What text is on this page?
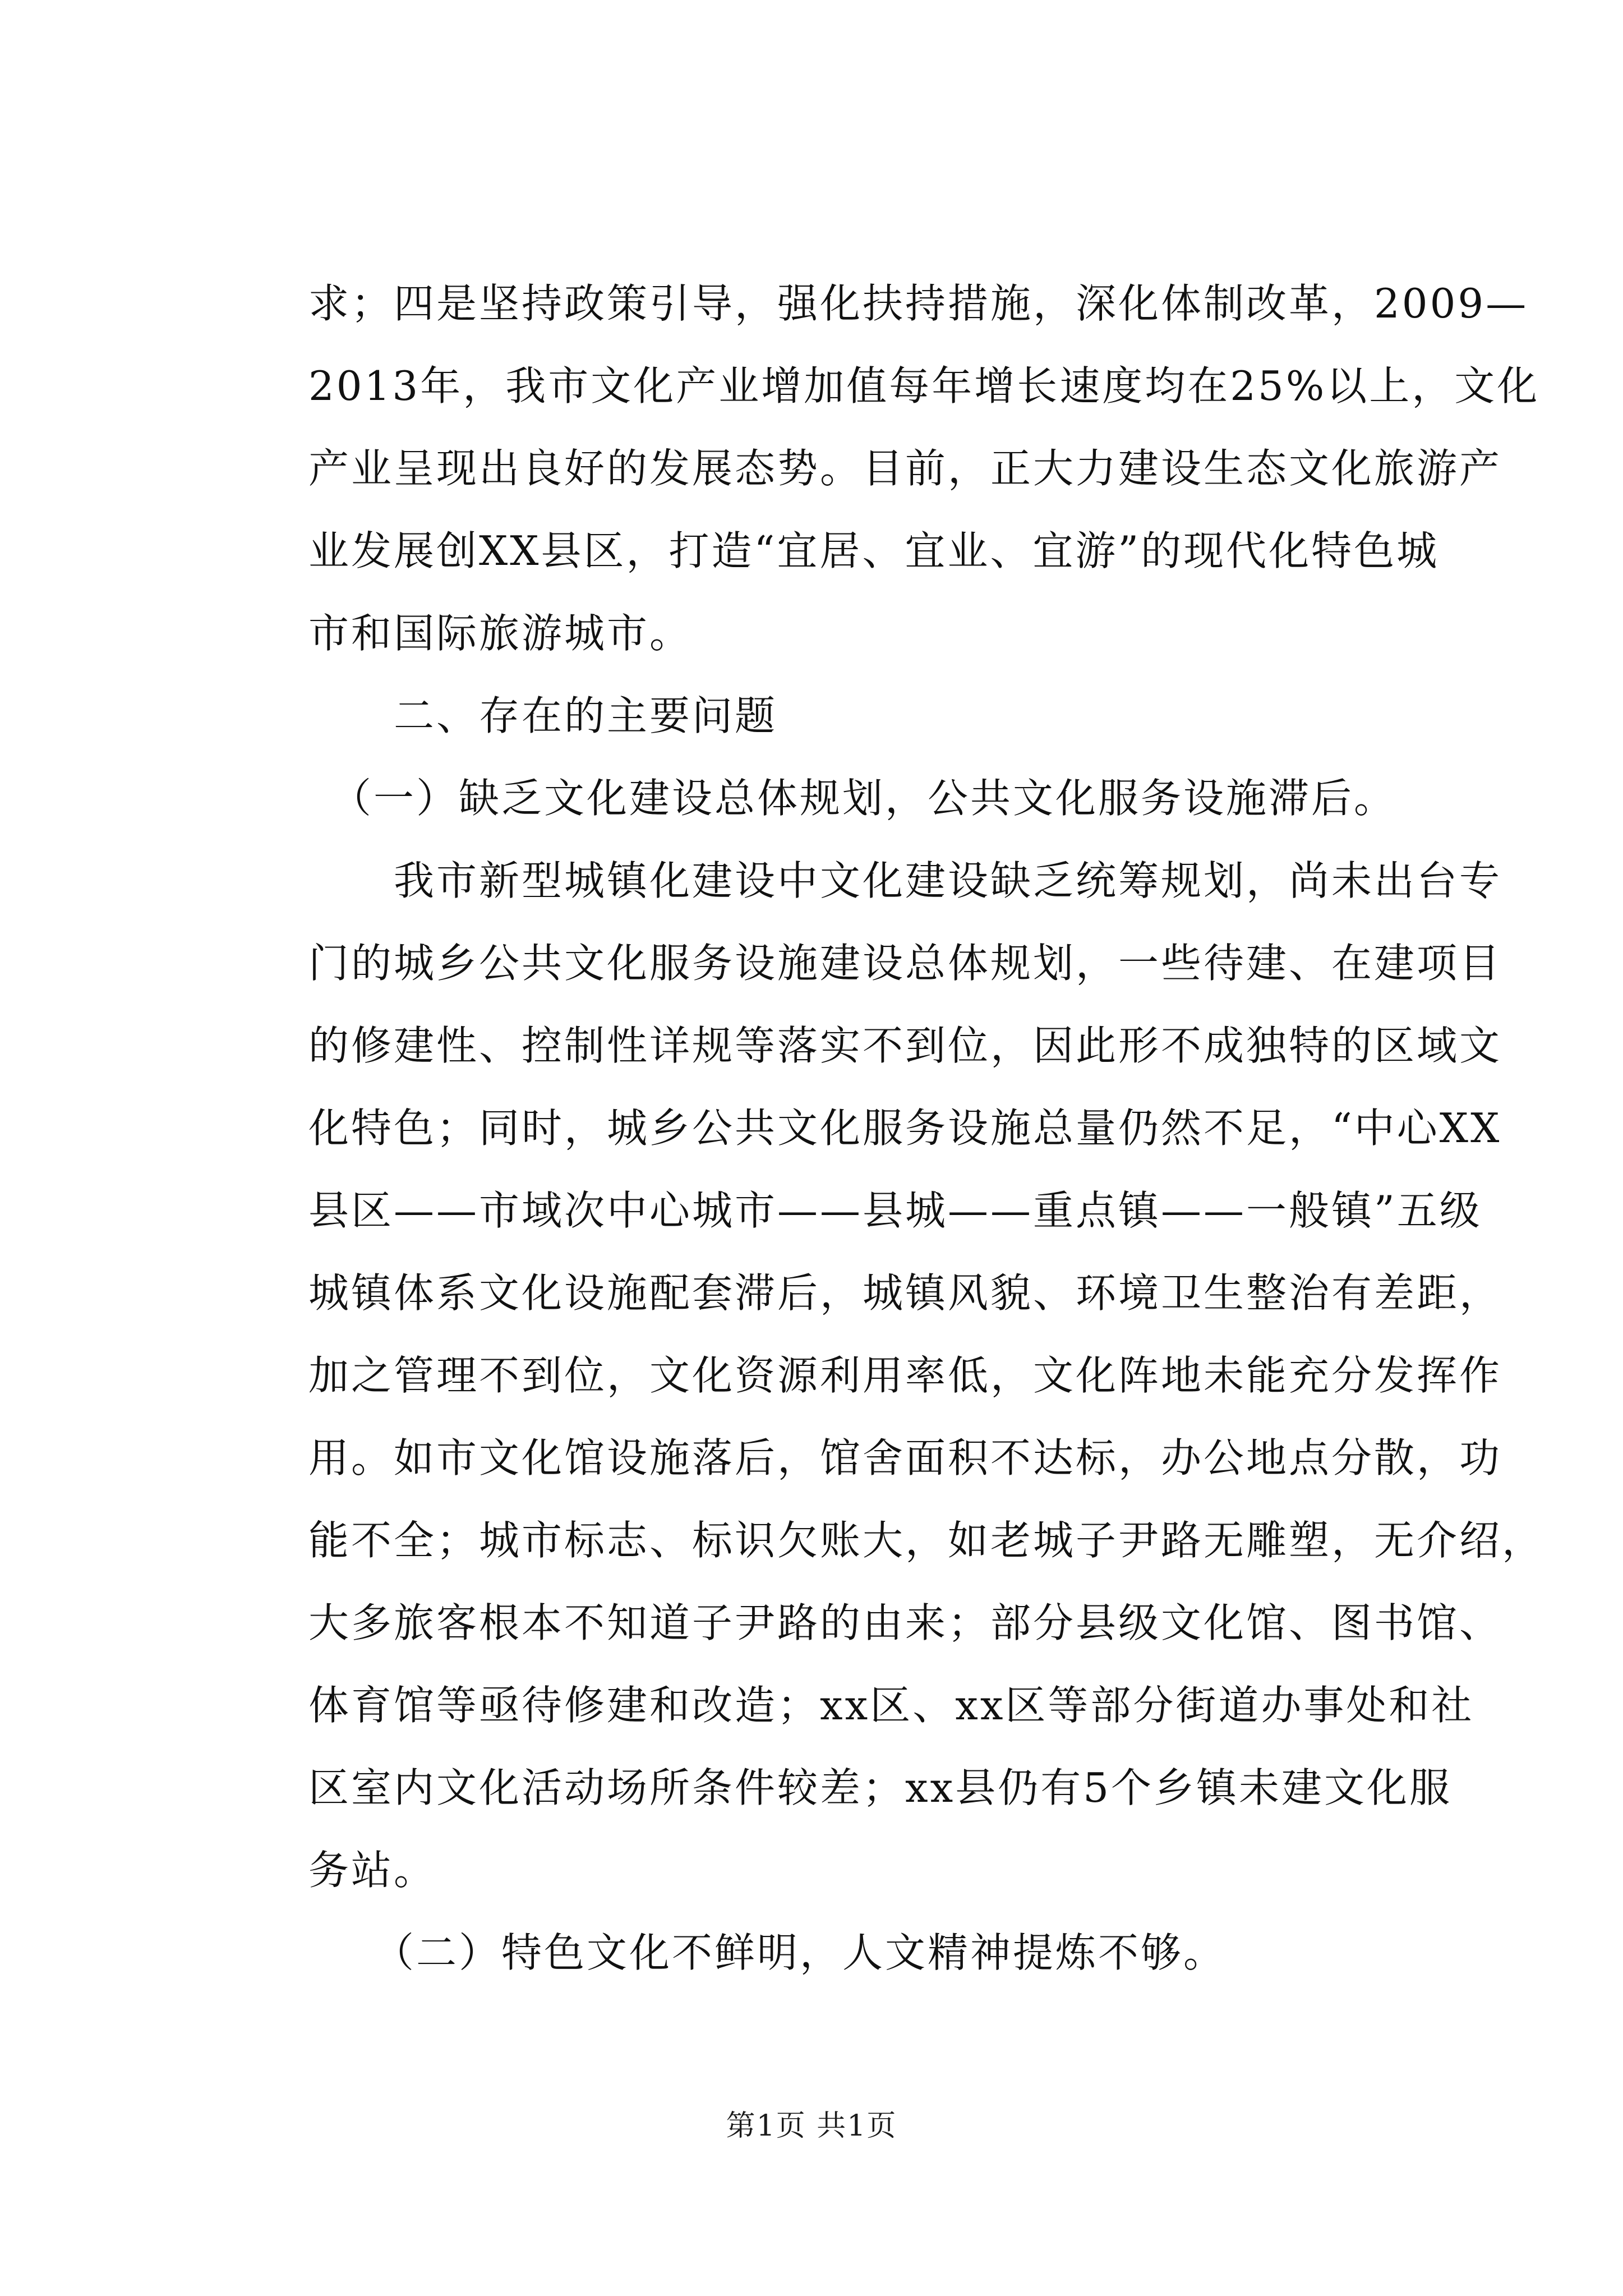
求；四是坚持政策引导，强化扶持措施，深化体制改革，2009—
2013年，我市文化产业增加值每年增长速度均在25%以上，文化
产业呈现出良好的发展态势。目前，正大力建设生态文化旅游产
业发展创XX县区，打造“宜居、宜业、宜游”的现代化特色城
市和国际旅游城市。
　　二、存在的主要问题
　（一）缺乏文化建设总体规划，公共文化服务设施滞后。
　　我市新型城镇化建设中文化建设缺乏统筹规划，尚未出台专
门的城乡公共文化服务设施建设总体规划，一些待建、在建项目
的修建性、控制性详规等落实不到位，因此形不成独特的区域文
化特色；同时，城乡公共文化服务设施总量仍然不足，“中心XX
县区——市域次中心城市——县城——重点镇——一般镇”五级
城镇体系文化设施配套滞后，城镇风貌、环境卫生整治有差距，
加之管理不到位，文化资源利用率低，文化阵地未能充分发挥作
用。如市文化馆设施落后，馆舍面积不达标，办公地点分散，功
能不全；城市标志、标识欠账大，如老城子尹路无雕塑，无介绍，
大多旅客根本不知道子尹路的由来；部分县级文化馆、图书馆、
体育馆等亟待修建和改造；xx区、xx区等部分街道办事处和社
区室内文化活动场所条件较差；xx县仍有5个乡镇未建文化服
务站。
　　（二）特色文化不鲜明，人文精神提炼不够。
第1页 共1页
